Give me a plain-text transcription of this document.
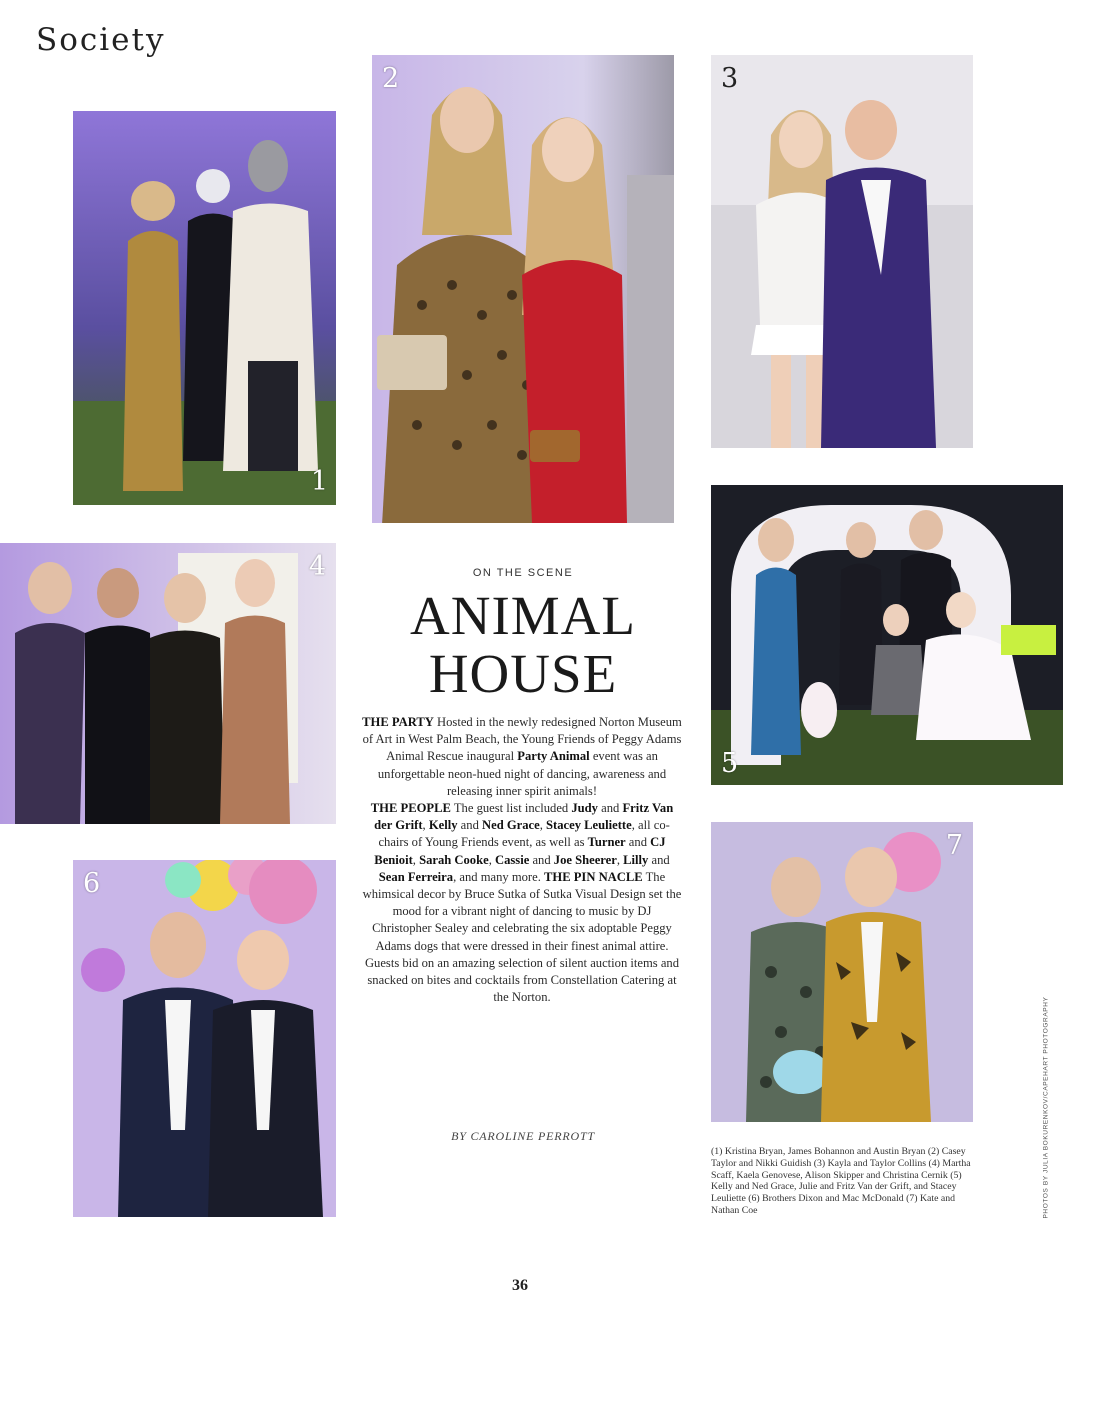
Society
1
2	3
4
5
6
7
ON THE SCENE
ANIMAL
HOUSE
THE PARTY Hosted in the newly redesigned Norton Museum of Art in West Palm Beach, the Young Friends of Peggy Adams Animal Rescue inaugural Party Animal event was an unforgettable neon-hued night of dancing, awareness and releasing inner spirit animals!
THE PEOPLE The guest list included Judy and Fritz Van der Grift, Kelly and Ned Grace, Stacey Leuliette, all co-chairs of Young Friends event, as well as Turner and CJ Benioit, Sarah Cooke, Cassie and Joe Sheerer, Lilly and Sean Ferreira, and many more. THE PIN NACLE The whimsical decor by Bruce Sutka of Sutka Visual Design set the mood for a vibrant night of dancing to music by DJ Christopher Sealey and celebrating the six adoptable Peggy Adams dogs that were dressed in their finest animal attire. Guests bid on an amazing selection of silent auction items and snacked on bites and cocktails from Constellation Catering at the Norton.
BY CAROLINE PERROTT
(1) Kristina Bryan, James Bohannon and Austin Bryan (2) Casey Taylor and Nikki Guidish (3) Kayla and Taylor Collins (4) Martha Scaff, Kaela Genovese, Alison Skipper and Christina Cernik (5) Kelly and Ned Grace, Julie and Fritz Van der Grift, and Stacey Leuliette (6) Brothers Dixon and Mac McDonald (7) Kate and Nathan Coe	PHOTOS BY JULIA BOKURENKOV/CAPEHART PHOTOGRAPHY
36
